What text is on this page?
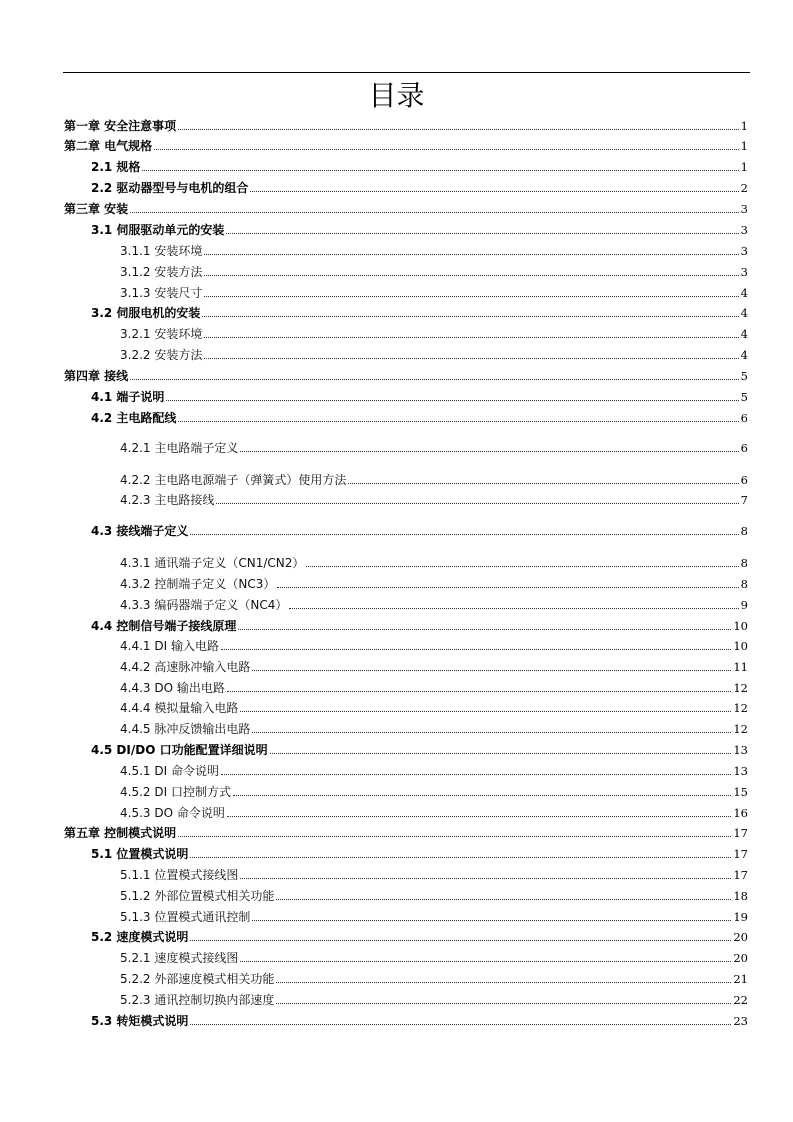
目录
第一章 安全注意事项	1
第二章 电气规格	1
2.1 规格	1
2.2 驱动器型号与电机的组合	2
第三章 安装	3
3.1 伺服驱动单元的安装	3
3.1.1 安装环境	3
3.1.2 安装方法	3
3.1.3 安装尺寸	4
3.2 伺服电机的安装	4
3.2.1 安装环境	4
3.2.2 安装方法	4
第四章 接线	5
4.1 端子说明	5
4.2 主电路配线	6
4.2.1 主电路端子定义	6
4.2.2 主电路电源端子（弹簧式）使用方法	6
4.2.3 主电路接线	7
4.3 接线端子定义	8
4.3.1 通讯端子定义（CN1/CN2）	8
4.3.2 控制端子定义（NC3）	8
4.3.3 编码器端子定义（NC4）	9
4.4 控制信号端子接线原理	10
4.4.1 DI 输入电路	10
4.4.2 高速脉冲输入电路	11
4.4.3 DO 输出电路	12
4.4.4 模拟量输入电路	12
4.4.5 脉冲反馈输出电路	12
4.5 DI/DO 口功能配置详细说明	13
4.5.1 DI 命令说明	13
4.5.2 DI 口控制方式	15
4.5.3 DO 命令说明	16
第五章 控制模式说明	17
5.1 位置模式说明	17
5.1.1 位置模式接线图	17
5.1.2 外部位置模式相关功能	18
5.1.3 位置模式通讯控制	19
5.2 速度模式说明	20
5.2.1 速度模式接线图	20
5.2.2 外部速度模式相关功能	21
5.2.3 通讯控制切换内部速度	22
5.3 转矩模式说明	23
